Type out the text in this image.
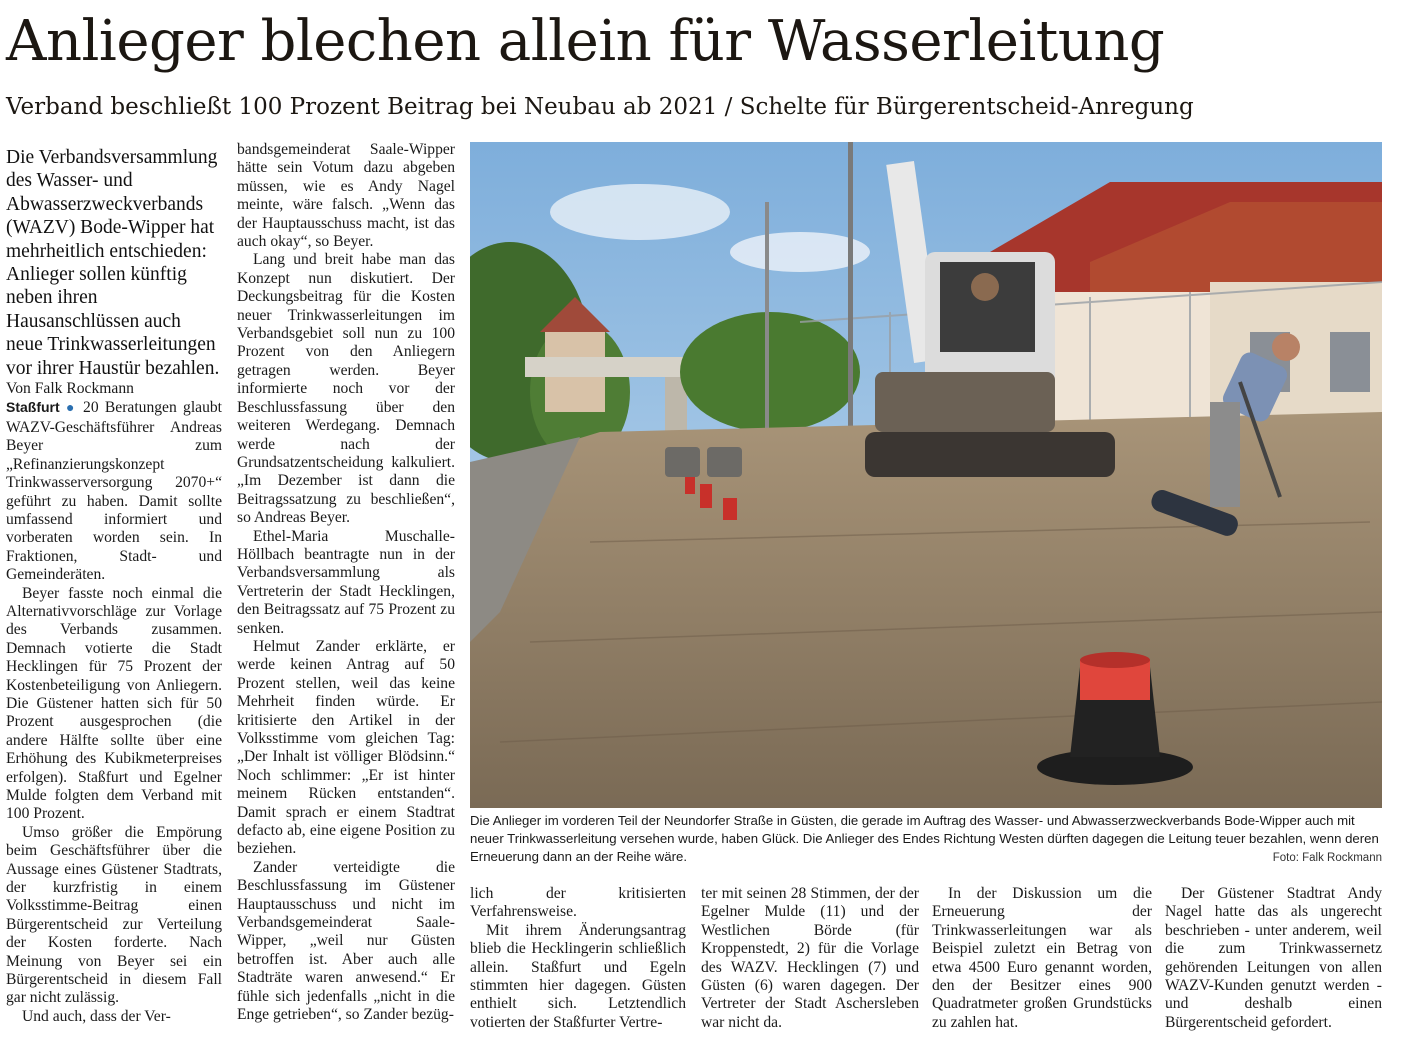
Anlieger blechen allein für Wasserleitung
Verband beschließt 100 Prozent Beitrag bei Neubau ab 2021 / Schelte für Bürgerentscheid-Anregung

Die Verbandsversammlung des Wasser- und Abwasserzweckverbands (WAZV) Bode-Wipper hat mehrheitlich entschieden: Anlieger sollen künftig neben ihren Hausanschlüssen auch neue Trinkwasserleitungen vor ihrer Haustür bezahlen.

Von Falk Rockmann

Staßfurt ● 20 Beratungen glaubt WAZV-Geschäftsführer Andreas Beyer zum „Refinanzierungskonzept Trinkwasserversorgung 2070+“ geführt zu haben. Damit sollte umfassend informiert und vorberaten worden sein. In Fraktionen, Stadt- und Gemeinderäten.

Beyer fasste noch einmal die Alternativvorschläge zur Vorlage des Verbands zusammen. Demnach votierte die Stadt Hecklingen für 75 Prozent der Kostenbeteiligung von Anliegern. Die Güstener hatten sich für 50 Prozent ausgesprochen (die andere Hälfte sollte über eine Erhöhung des Kubikmeterpreises erfolgen). Staßfurt und Egelner Mulde folgten dem Verband mit 100 Prozent.

Umso größer die Empörung beim Geschäftsführer über die Aussage eines Güstener Stadtrats, der kurzfristig in einem Volksstimme-Beitrag einen Bürgerentscheid zur Verteilung der Kosten forderte. Nach Meinung von Beyer sei ein Bürgerentscheid in diesem Fall gar nicht zulässig.

Und auch, dass der Ver-

bandsgemeinderat Saale-Wipper hätte sein Votum dazu abgeben müssen, wie es Andy Nagel meinte, wäre falsch. „Wenn das der Hauptausschuss macht, ist das auch okay“, so Beyer.

Lang und breit habe man das Konzept nun diskutiert. Der Deckungsbeitrag für die Kosten neuer Trinkwasserleitungen im Verbandsgebiet soll nun zu 100 Prozent von den Anliegern getragen werden. Beyer informierte noch vor der Beschlussfassung über den weiteren Werdegang. Demnach werde nach der Grundsatzentscheidung kalkuliert. „Im Dezember ist dann die Beitragssatzung zu beschließen“, so Andreas Beyer.

Ethel-Maria Muschalle-Höllbach beantragte nun in der Verbandsversammlung als Vertreterin der Stadt Hecklingen, den Beitragssatz auf 75 Prozent zu senken.

Helmut Zander erklärte, er werde keinen Antrag auf 50 Prozent stellen, weil das keine Mehrheit finden würde. Er kritisierte den Artikel in der Volksstimme vom gleichen Tag: „Der Inhalt ist völliger Blödsinn.“ Noch schlimmer: „Er ist hinter meinem Rücken entstanden“. Damit sprach er einem Stadtrat defacto ab, eine eigene Position zu beziehen.

Zander verteidigte die Beschlussfassung im Güstener Hauptausschuss und nicht im Verbandsgemeinderat Saale-Wipper, „weil nur Güsten betroffen ist. Aber auch alle Stadträte waren anwesend.“ Er fühle sich jedenfalls „nicht in die Enge getrieben“, so Zander bezüg-

Die Anlieger im vorderen Teil der Neundorfer Straße in Güsten, die gerade im Auftrag des Wasser- und Abwasserzweckverbands Bode-Wipper auch mit neuer Trinkwasserleitung versehen wurde, haben Glück. Die Anlieger des Endes Richtung Westen dürften dagegen die Leitung teuer bezahlen, wenn deren Erneuerung dann an der Reihe wäre.	Foto: Falk Rockmann

lich der kritisierten Verfahrensweise.

Mit ihrem Änderungsantrag blieb die Hecklingerin schließlich allein. Staßfurt und Egeln stimmten hier dagegen. Güsten enthielt sich. Letztendlich votierten der Staßfurter Vertre-

ter mit seinen 28 Stimmen, der der Egelner Mulde (11) und der Westlichen Börde (für Kroppenstedt, 2) für die Vorlage des WAZV. Hecklingen (7) und Güsten (6) waren dagegen. Der Vertreter der Stadt Aschersleben war nicht da.

In der Diskussion um die Erneuerung der Trinkwasserleitungen war als Beispiel zuletzt ein Betrag von etwa 4500 Euro genannt worden, den der Besitzer eines 900 Quadratmeter großen Grundstücks zu zahlen hat.

Der Güstener Stadtrat Andy Nagel hatte das als ungerecht beschrieben - unter anderem, weil die zum Trinkwassernetz gehörenden Leitungen von allen WAZV-Kunden genutzt werden - und deshalb einen Bürgerentscheid gefordert.
